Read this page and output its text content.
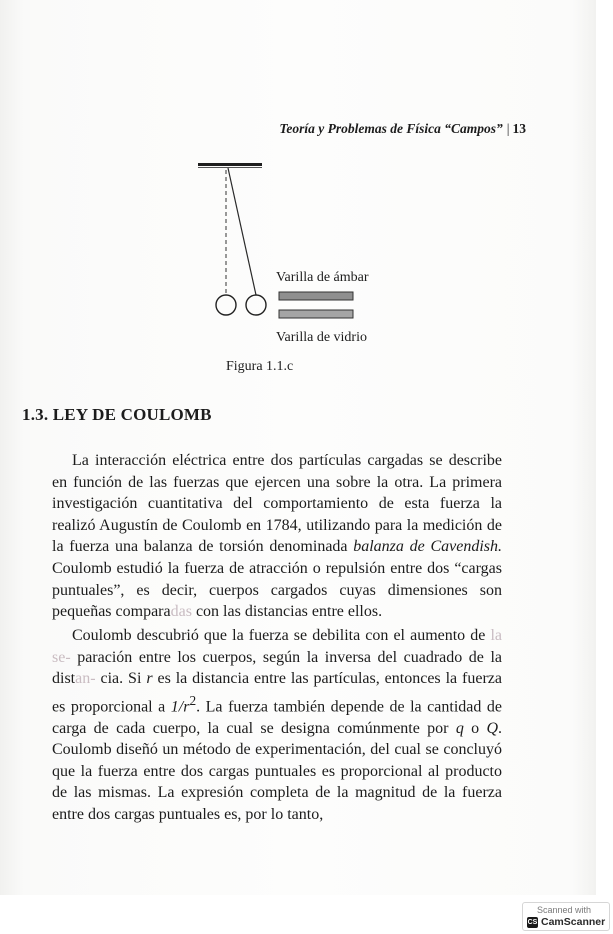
Teoría y Problemas de Física “Campos” | 13
Varilla de ámbar
Varilla de vidrio
Figura 1.1.c
1.3. LEY DE COULOMB

La interacción eléctrica entre dos partículas cargadas se describe en función de las fuerzas que ejercen una sobre la otra. La primera investigación cuantitativa del comportamiento de esta fuerza la realizó Augustín de Coulomb en 1784, utilizando para la medición de la fuerza una balanza de torsión denominada balanza de Cavendish. Coulomb estudió la fuerza de atracción o repulsión entre dos “cargas puntuales”, es decir, cuerpos cargados cuyas dimensiones son pequeñas comparadas con las distancias entre ellos.

Coulomb descubrió que la fuerza se debilita con el aumento de la se- paración entre los cuerpos, según la inversa del cuadrado de la distan- cia. Si r es la distancia entre las partículas, entonces la fuerza es proporcional a $1/r^2$. La fuerza también depende de la cantidad de carga de cada cuerpo, la cual se designa comúnmente por q o Q. Coulomb diseñó un método de experimentación, del cual se concluyó que la fuerza entre dos cargas puntuales es proporcional al producto de las mismas. La expresión completa de la magnitud de la fuerza entre dos cargas puntuales es, por lo tanto,

Scanned with
CS CamScanner
